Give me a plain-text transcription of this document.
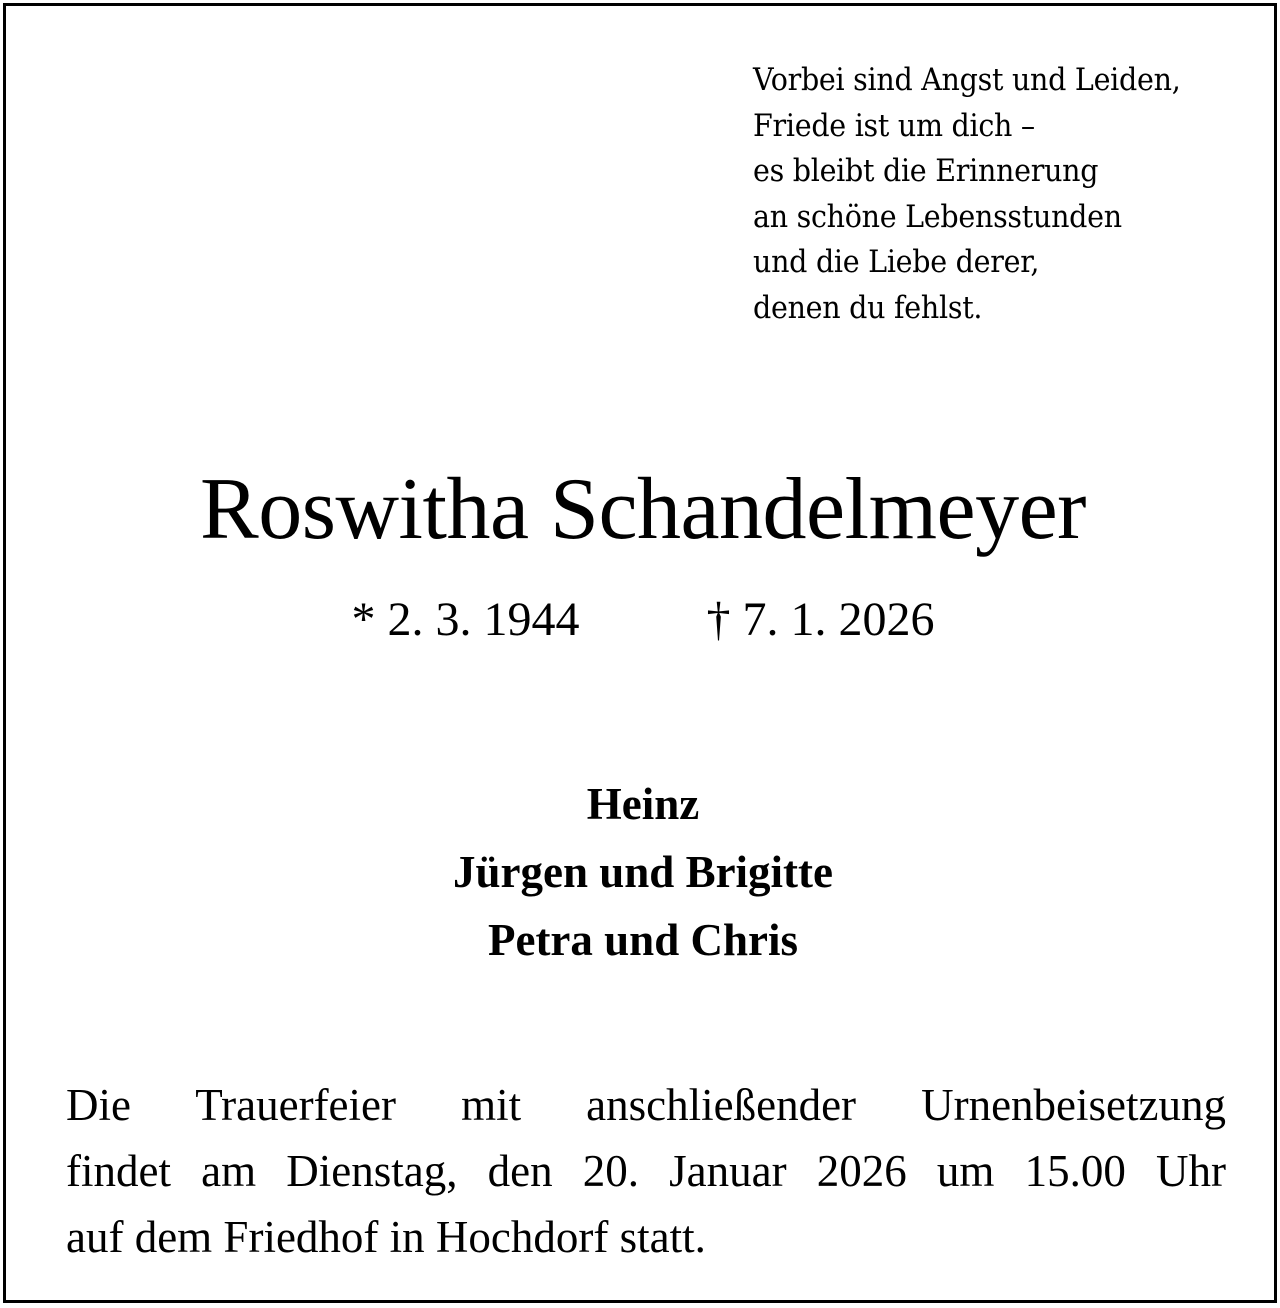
Vorbei sind Angst und Leiden,
Friede ist um dich –
es bleibt die Erinnerung
an schöne Lebensstunden
und die Liebe derer,
denen du fehlst.
Roswitha Schandelmeyer
* 2. 3. 1944	† 7. 1. 2026
Heinz
Jürgen und Brigitte
Petra und Chris
Die Trauerfeier mit anschließender Urnenbeisetzung
findet am Dienstag, den 20. Januar 2026 um 15.00 Uhr
auf dem Friedhof in Hochdorf statt.
